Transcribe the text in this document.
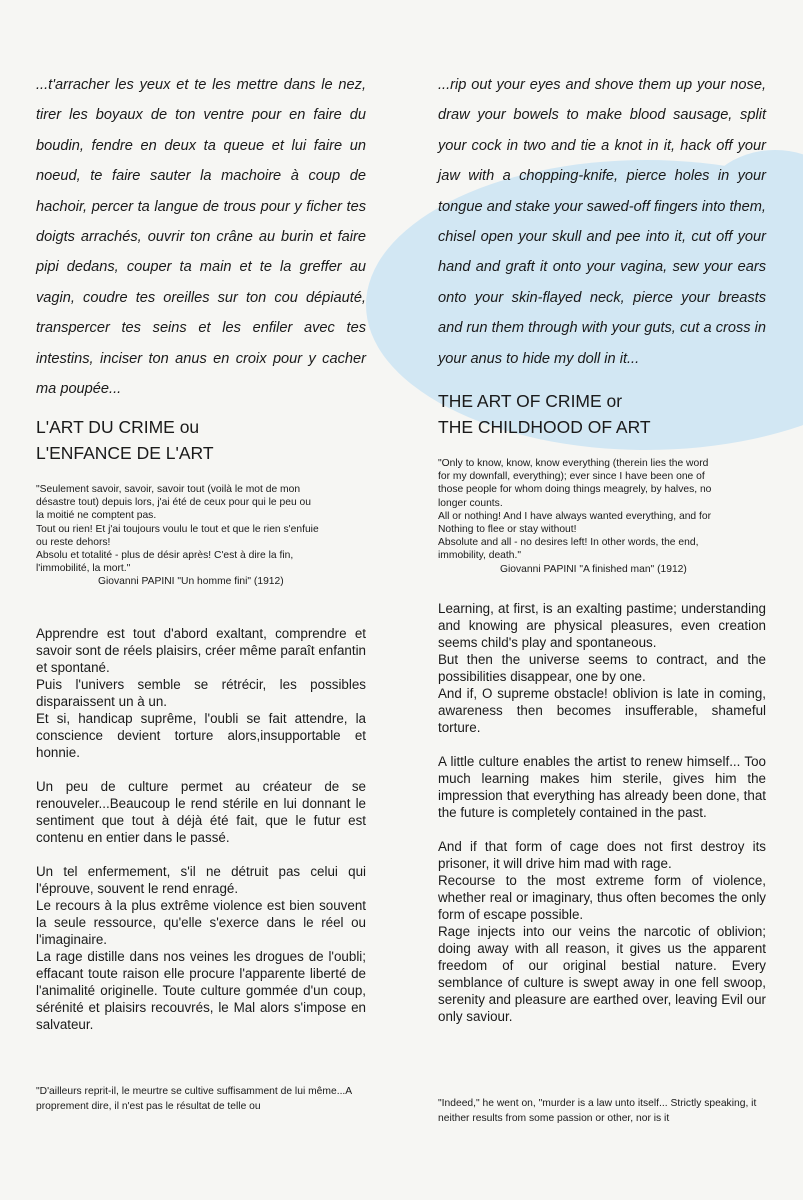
...t'arracher les yeux et te les mettre dans le nez, tirer les boyaux de ton ventre pour en faire du boudin, fendre en deux ta queue et lui faire un noeud, te faire sauter la machoire à coup de hachoir, percer ta langue de trous pour y ficher tes doigts arrachés, ouvrir ton crâne au burin et faire pipi dedans, couper ta main et te la greffer au vagin, coudre tes oreilles sur ton cou dépiauté, transpercer tes seins et les enfiler avec tes intestins, inciser ton anus en croix pour y cacher ma poupée...

L'ART DU CRIME ou

L'ENFANCE DE L'ART

"Seulement savoir, savoir, savoir tout (voilà le mot de mon

désastre tout) depuis lors, j'ai été de ceux pour qui le peu ou

la moitié ne comptent pas.

Tout ou rien! Et j'ai toujours voulu le tout et que le rien s'enfuie

ou reste dehors!

Absolu et totalité - plus de désir après! C'est à dire la fin,

l'immobilité, la mort."

Giovanni PAPINI "Un homme fini" (1912)

Apprendre est tout d'abord exaltant, comprendre et savoir sont de réels plaisirs, créer même paraît enfantin et spontané.
Puis l'univers semble se rétrécir, les possibles disparaissent un à un.
Et si, handicap suprême, l'oubli se fait attendre, la conscience devient torture alors,insupportable et honnie.
Un peu de culture permet au créateur de se renouveler...Beaucoup le rend stérile en lui donnant le sentiment que tout à déjà été fait, que le futur est contenu en entier dans le passé.
Un tel enfermement, s'il ne détruit pas celui qui l'éprouve, souvent le rend enragé.
Le recours à la plus extrême violence est bien souvent la seule ressource, qu'elle s'exerce dans le réel ou l'imaginaire.
La rage distille dans nos veines les drogues de l'oubli; effacant toute raison elle procure l'apparente liberté de l'animalité originelle. Toute culture gommée d'un coup, sérénité et plaisirs recouvrés, le Mal alors s'impose en salvateur.

"D'ailleurs reprit-il, le meurtre se cultive suffisamment de lui même...A proprement dire, il n'est pas le résultat de telle ou

...rip out your eyes and shove them up your nose, draw your bowels to make blood sausage, split your cock in two and tie a knot in it, hack off your jaw with a chopping-knife, pierce holes in your tongue and stake your sawed-off fingers into them, chisel open your skull and pee into it, cut off your hand and graft it onto your vagina, sew your ears onto your skin-flayed neck, pierce your breasts and run them through with your guts, cut a cross in your anus to hide my doll in it...

THE ART OF CRIME or

THE CHILDHOOD OF ART

"Only to know, know, know everything (therein lies the word

for my downfall, everything); ever since I have been one of

those people for whom doing things meagrely, by halves, no

longer counts.

All or nothing! And I have always wanted everything, and for

Nothing to flee or stay without!

Absolute and all - no desires left! In other words, the end,

immobility, death."

Giovanni PAPINI "A finished man" (1912)

Learning, at first, is an exalting pastime; understanding and knowing are physical pleasures, even creation seems child's play and spontaneous.
But then the universe seems to contract, and the possibilities disappear, one by one.
And if, O supreme obstacle! oblivion is late in coming, awareness then becomes insufferable, shameful torture.
A little culture enables the artist to renew himself... Too much learning makes him sterile, gives him the impression that everything has already been done, that the future is completely contained in the past.
And if that form of cage does not first destroy its prisoner, it will drive him mad with rage.
Recourse to the most extreme form of violence, whether real or imaginary, thus often becomes the only form of escape possible.
Rage injects into our veins the narcotic of oblivion; doing away with all reason, it gives us the apparent freedom of our original bestial nature. Every semblance of culture is swept away in one fell swoop, serenity and pleasure are earthed over, leaving Evil our only saviour.

"Indeed," he went on, "murder is a law unto itself... Strictly speaking, it neither results from some passion or other, nor is it
